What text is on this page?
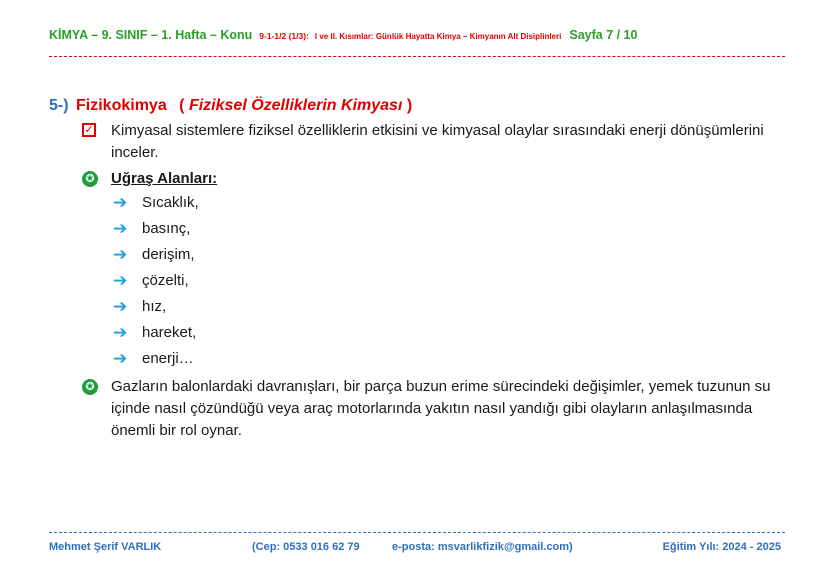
KİMYA – 9. SINIF – 1. Hafta – Konu 9-1-1/2 (1/3): I ve II. Kısımlar: Günlük Hayatta Kimya – Kimyanın Alt Disiplinleri Sayfa 7 / 10
5-) Fizikokimya ( Fiziksel Özelliklerin Kimyası )
✓ Kimyasal sistemlere fiziksel özelliklerin etkisini ve kimyasal olaylar sırasındaki enerji dönüşümlerini inceler.
✪ Uğraş Alanları:
➔ Sıcaklık,
➔ basınç,
➔ derişim,
➔ çözelti,
➔ hız,
➔ hareket,
➔ enerji…
✪ Gazların balonlardaki davranışları, bir parça buzun erime sürecindeki değişimler, yemek tuzunun su içinde nasıl çözündüğü veya araç motorlarında yakıtın nasıl yandığı gibi olayların anlaşılmasında önemli bir rol oynar.
Mehmet Şerif VARLIK	(Cep: 0533 016 62 79	e-posta: msvarlikfizik@gmail.com)	Eğitim Yılı: 2024 - 2025
